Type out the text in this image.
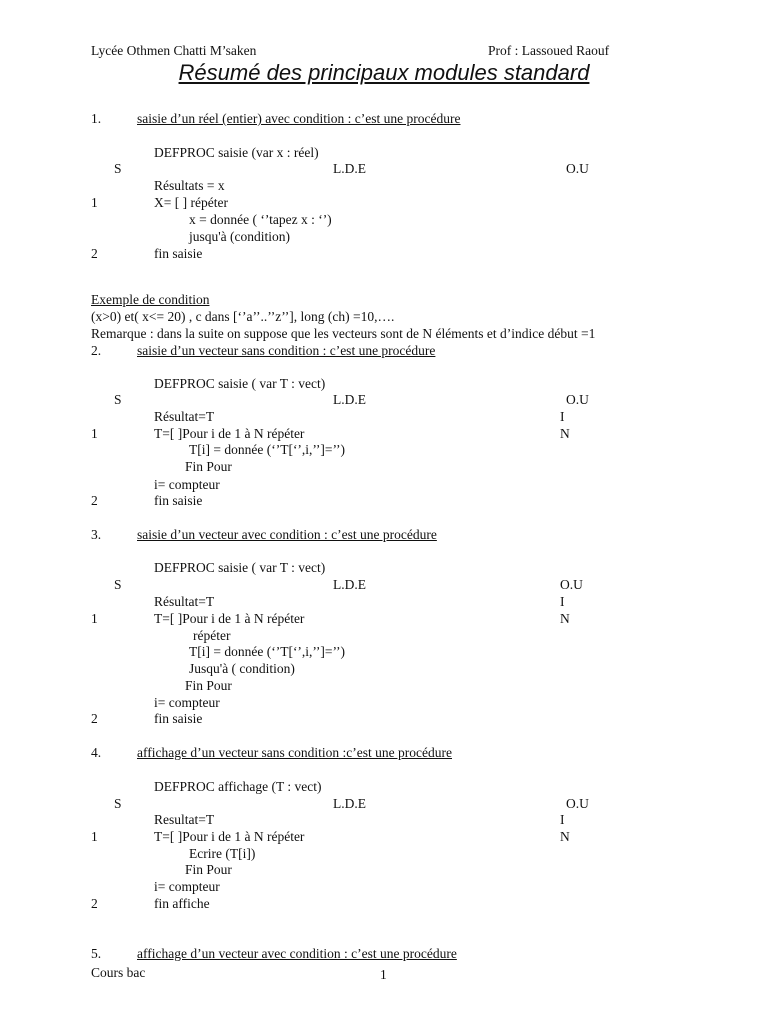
Lycée Othmen Chatti M’saken	Prof : Lassoued Raouf
Résumé des principaux modules standard
1.	saisie d’un réel (entier) avec condition : c’est une procédure
DEFPROC saisie (var x : réel)
S	L.D.E	O.U
Résultats = x
1	X= [ ] répéter
x = donnée ( ‘’tapez x : ‘’)
jusqu'à (condition)
2	fin saisie
Exemple de condition
(x>0) et( x<= 20) , c dans [‘’a’’..’’z’’], long (ch) =10,….
Remarque : dans la suite on suppose que les vecteurs sont de N éléments et d’indice début =1
2.	saisie d’un vecteur sans condition : c’est une procédure
DEFPROC saisie ( var T : vect)
S	L.D.E	O.U
Résultat=T	I
1	T=[ ]Pour i de 1 à N répéter	N
T[i] = donnée (‘’T[‘’,i,’’]=’’)
Fin Pour
i= compteur
2	fin saisie
3.	saisie d’un vecteur avec condition : c’est une procédure
DEFPROC saisie ( var T : vect)
S	L.D.E	O.U
Résultat=T	I
1	T=[ ]Pour i de 1 à N répéter	N
répéter
T[i] = donnée (‘’T[‘’,i,’’]=’’)
Jusqu'à ( condition)
Fin Pour
i= compteur
2	fin saisie
4.	affichage d’un vecteur sans condition :c’est une procédure
DEFPROC affichage (T : vect)
S	L.D.E	O.U
Resultat=T	I
1	T=[ ]Pour i de 1 à N répéter	N
Ecrire (T[i])
Fin Pour
i= compteur
2	fin affiche
5.	affichage d’un vecteur avec condition : c’est une procédure
Cours bac	1
